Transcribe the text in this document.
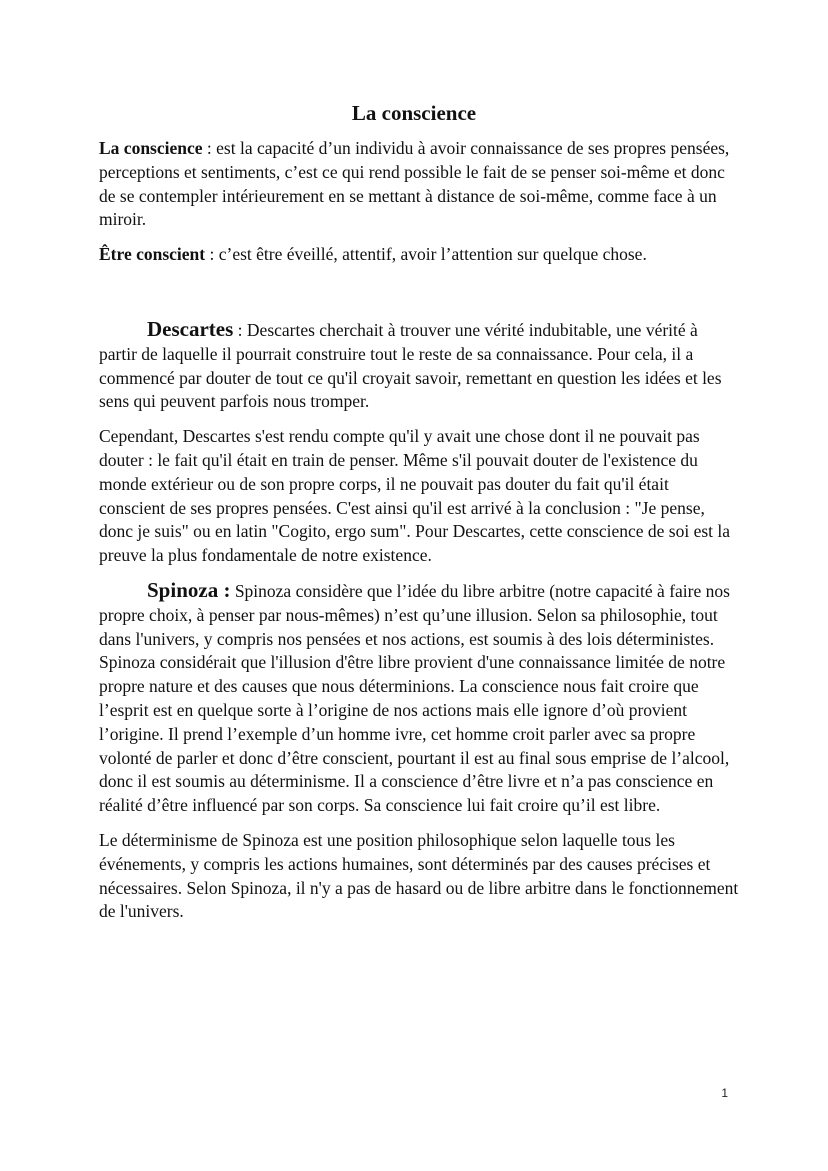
La conscience

La conscience : est la capacité d’un individu à avoir connaissance de ses propres pensées, perceptions et sentiments, c’est ce qui rend possible le fait de se penser soi-même et donc de se contempler intérieurement en se mettant à distance de soi-même, comme face à un miroir.

Être conscient : c’est être éveillé, attentif, avoir l’attention sur quelque chose.

Descartes : Descartes cherchait à trouver une vérité indubitable, une vérité à partir de laquelle il pourrait construire tout le reste de sa connaissance. Pour cela, il a commencé par douter de tout ce qu'il croyait savoir, remettant en question les idées et les sens qui peuvent parfois nous tromper.

Cependant, Descartes s'est rendu compte qu'il y avait une chose dont il ne pouvait pas douter : le fait qu'il était en train de penser. Même s'il pouvait douter de l'existence du monde extérieur ou de son propre corps, il ne pouvait pas douter du fait qu'il était conscient de ses propres pensées. C'est ainsi qu'il est arrivé à la conclusion : "Je pense, donc je suis" ou en latin "Cogito, ergo sum". Pour Descartes, cette conscience de soi est la preuve la plus fondamentale de notre existence.

Spinoza : Spinoza considère que l’idée du libre arbitre (notre capacité à faire nos propre choix, à penser par nous-mêmes) n’est qu’une illusion. Selon sa philosophie, tout dans l'univers, y compris nos pensées et nos actions, est soumis à des lois déterministes. Spinoza considérait que l'illusion d'être libre provient d'une connaissance limitée de notre propre nature et des causes que nous déterminions. La conscience nous fait croire que l’esprit est en quelque sorte à l’origine de nos actions mais elle ignore d’où provient l’origine. Il prend l’exemple d’un homme ivre, cet homme croit parler avec sa propre volonté de parler et donc d’être conscient, pourtant il est au final sous emprise de l’alcool, donc il est soumis au déterminisme. Il a conscience d’être livre et n’a pas conscience en réalité d’être influencé par son corps. Sa conscience lui fait croire qu’il est libre.

Le déterminisme de Spinoza est une position philosophique selon laquelle tous les événements, y compris les actions humaines, sont déterminés par des causes précises et nécessaires. Selon Spinoza, il n'y a pas de hasard ou de libre arbitre dans le fonctionnement de l'univers.

1
